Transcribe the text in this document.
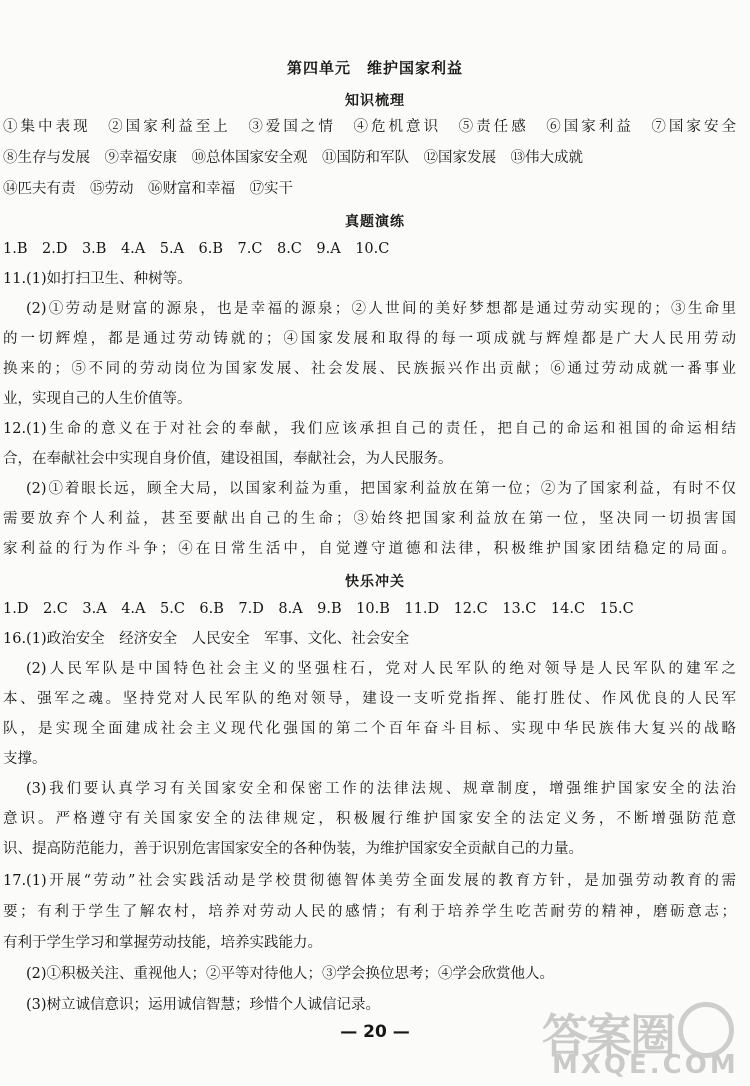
第四单元　维护国家利益
知识梳理
①集中表现　②国家利益至上　③爱国之情　④危机意识　⑤责任感　⑥国家利益　⑦国家安全
⑧生存与发展　⑨幸福安康　⑩总体国家安全观　⑪国防和军队　⑫国家发展　⑬伟大成就
⑭匹夫有责　⑮劳动　⑯财富和幸福　⑰实干
真题演练
1.B　2.D　3.B　4.A　5.A　6.B　7.C　8.C　9.A　10.C
11.(1)如打扫卫生、种树等。
(2)①劳动是财富的源泉，也是幸福的源泉；②人世间的美好梦想都是通过劳动实现的；③生命里
的一切辉煌，都是通过劳动铸就的；④国家发展和取得的每一项成就与辉煌都是广大人民用劳动
换来的；⑤不同的劳动岗位为国家发展、社会发展、民族振兴作出贡献；⑥通过劳动成就一番事业
业，实现自己的人生价值等。
12.(1)生命的意义在于对社会的奉献，我们应该承担自己的责任，把自己的命运和祖国的命运相结
合，在奉献社会中实现自身价值，建设祖国，奉献社会，为人民服务。
(2)①着眼长远，顾全大局，以国家利益为重，把国家利益放在第一位；②为了国家利益，有时不仅
需要放弃个人利益，甚至要献出自己的生命；③始终把国家利益放在第一位，坚决同一切损害国
家利益的行为作斗争；④在日常生活中，自觉遵守道德和法律，积极维护国家团结稳定的局面。
快乐冲关
1.D　2.C　3.A　4.A　5.C　6.B　7.D　8.A　9.B　10.B　11.D　12.C　13.C　14.C　15.C
16.(1)政治安全　经济安全　人民安全　军事、文化、社会安全
(2)人民军队是中国特色社会主义的坚强柱石，党对人民军队的绝对领导是人民军队的建军之
本、强军之魂。坚持党对人民军队的绝对领导，建设一支听党指挥、能打胜仗、作风优良的人民军
队，是实现全面建成社会主义现代化强国的第二个百年奋斗目标、实现中华民族伟大复兴的战略
支撑。
(3)我们要认真学习有关国家安全和保密工作的法律法规、规章制度，增强维护国家安全的法治
意识。严格遵守有关国家安全的法律规定，积极履行维护国家安全的法定义务，不断增强防范意
识、提高防范能力，善于识别危害国家安全的各种伪装，为维护国家安全贡献自己的力量。
17.(1)开展“劳动”社会实践活动是学校贯彻德智体美劳全面发展的教育方针，是加强劳动教育的需
要；有利于学生了解农村，培养对劳动人民的感情；有利于培养学生吃苦耐劳的精神，磨砺意志；
有利于学生学习和掌握劳动技能，培养实践能力。
(2)①积极关注、重视他人；②平等对待他人；③学会换位思考；④学会欣赏他人。
(3)树立诚信意识；运用诚信智慧；珍惜个人诚信记录。
— 20 —	答案圈
MXQE.COM
